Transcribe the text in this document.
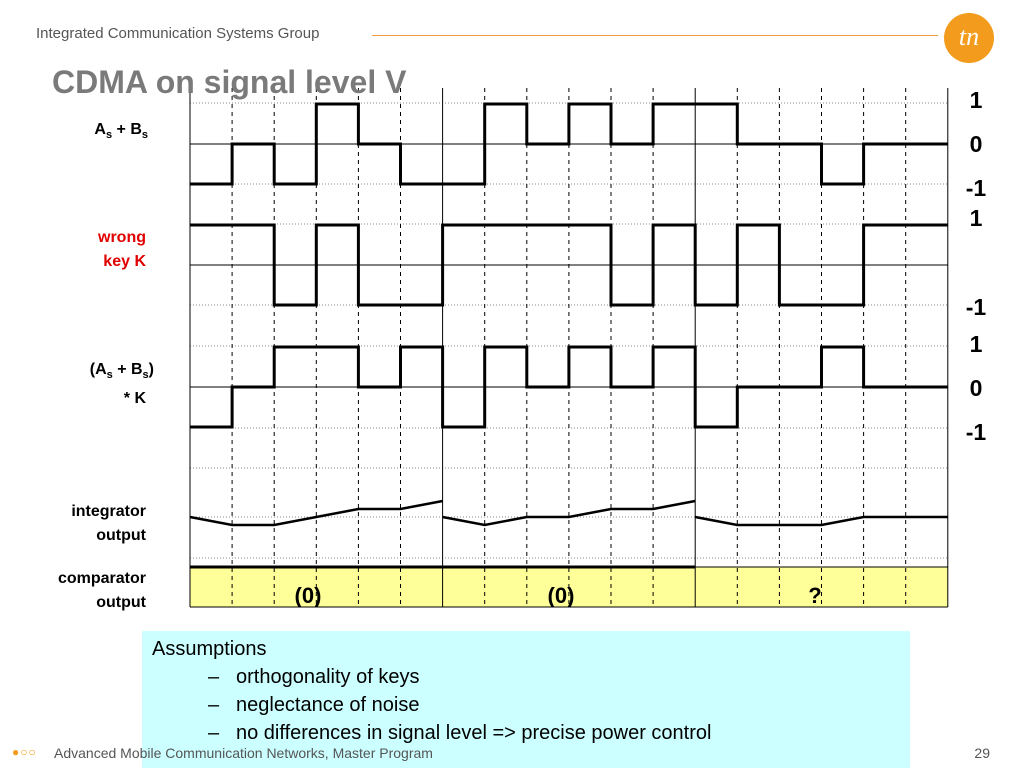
Integrated Communication Systems Group	tn
(0)	(0)	?
CDMA on signal level V
$A_s + B_s$
wrong
key K
$(A_s + B_s)$
* K
integrator
output
comparator
output
1
0
-1
1
-1
1
0
-1
Assumptions
– orthogonality of keys
– neglectance of noise
– no differences in signal level => precise power control
●○○ Advanced Mobile Communication Networks, Master Program	29
